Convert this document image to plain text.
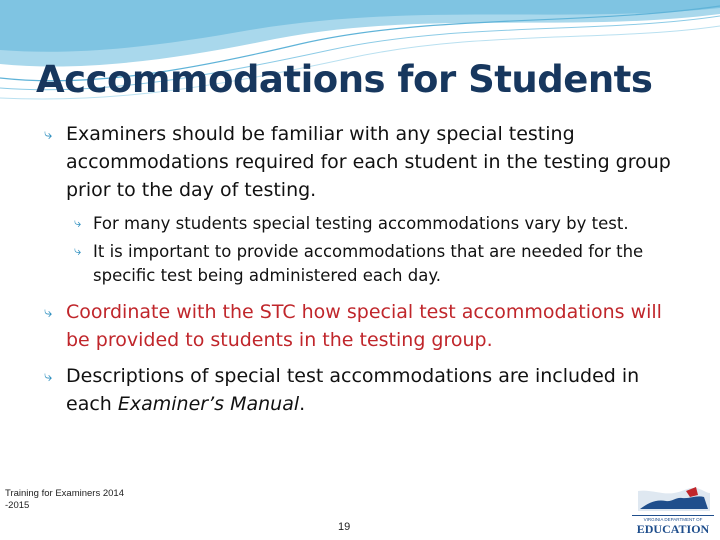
Accommodations for Students

⤷ Examiners should be familiar with any special testing accommodations required for each student in the testing group prior to the day of testing.

⤷ For many students special testing accommodations vary by test.

⤷ It is important to provide accommodations that are needed for the specific test being administered each day.

⤷ Coordinate with the STC how special test accommodations will be provided to students in the testing group.

⤷ Descriptions of special test accommodations are included in each Examiner’s Manual.

Training for Examiners 2014
-2015
19
VIRGINIA DEPARTMENT OF
EDUCATION
